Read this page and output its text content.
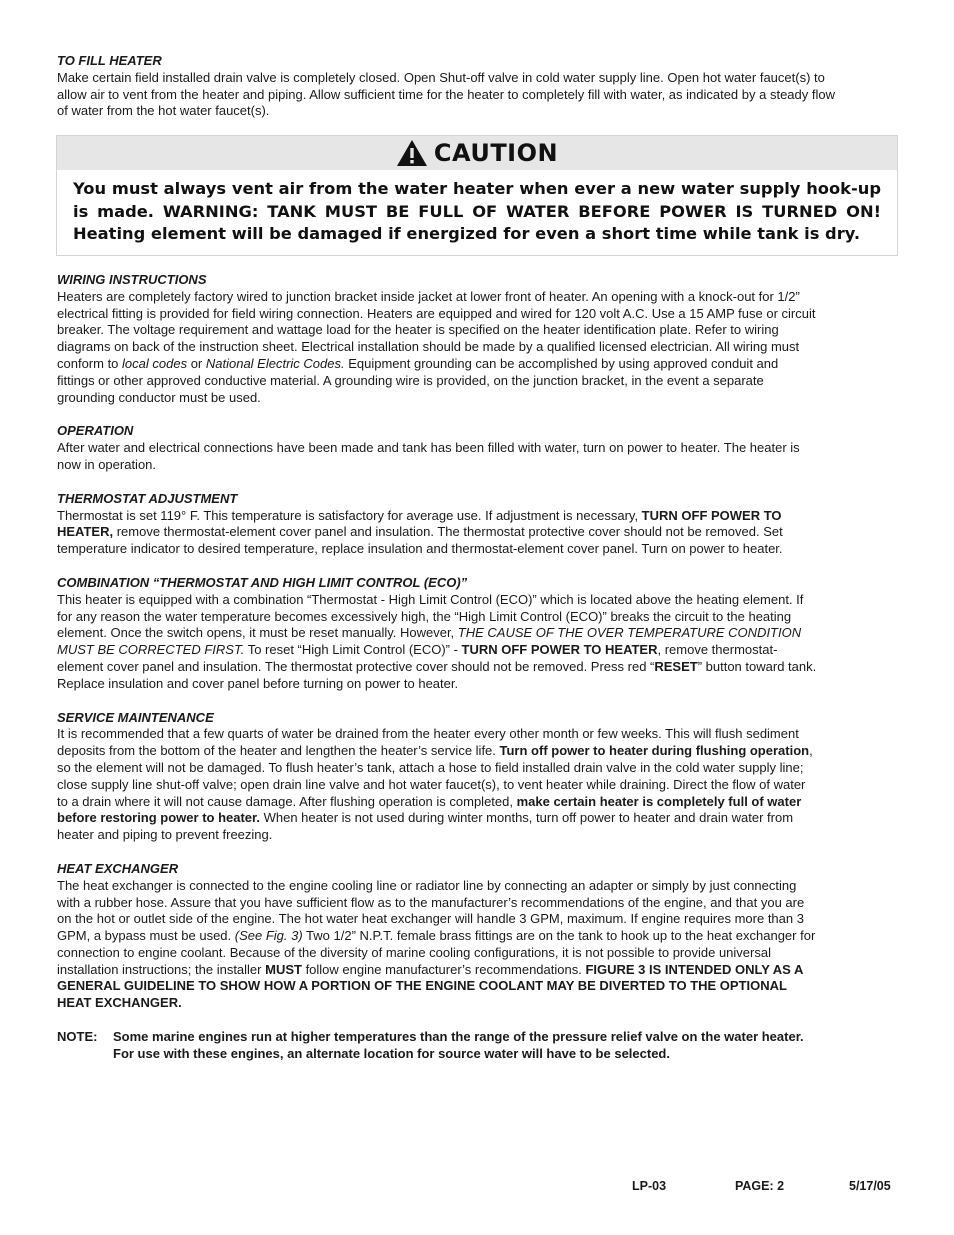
TO FILL HEATER

Make certain field installed drain valve is completely closed. Open Shut-off valve in cold water supply line. Open hot water faucet(s) to allow air to vent from the heater and piping. Allow sufficient time for the heater to completely fill with water, as indicated by a steady flow of water from the hot water faucet(s).

CAUTION
You must always vent air from the water heater when ever a new water supply hook-up is made. WARNING: TANK MUST BE FULL OF WATER BEFORE POWER IS TURNED ON! Heating element will be damaged if energized for even a short time while tank is dry.
WIRING INSTRUCTIONS

Heaters are completely factory wired to junction bracket inside jacket at lower front of heater. An opening with a knock-out for 1/2” electrical fitting is provided for field wiring connection. Heaters are equipped and wired for 120 volt A.C. Use a 15 AMP fuse or circuit breaker. The voltage requirement and wattage load for the heater is specified on the heater identification plate. Refer to wiring diagrams on back of the instruction sheet. Electrical installation should be made by a qualified licensed electrician. All wiring must conform to local codes or National Electric Codes. Equipment grounding can be accomplished by using approved conduit and fittings or other approved conductive material. A grounding wire is provided, on the junction bracket, in the event a separate grounding conductor must be used.

OPERATION

After water and electrical connections have been made and tank has been filled with water, turn on power to heater. The heater is now in operation.

THERMOSTAT ADJUSTMENT

Thermostat is set 119° F. This temperature is satisfactory for average use. If adjustment is necessary, TURN OFF POWER TO HEATER, remove thermostat-element cover panel and insulation. The thermostat protective cover should not be removed. Set temperature indicator to desired temperature, replace insulation and thermostat-element cover panel. Turn on power to heater.

COMBINATION “THERMOSTAT AND HIGH LIMIT CONTROL (ECO)”

This heater is equipped with a combination “Thermostat - High Limit Control (ECO)” which is located above the heating element. If for any reason the water temperature becomes excessively high, the “High Limit Control (ECO)” breaks the circuit to the heating element. Once the switch opens, it must be reset manually. However, THE CAUSE OF THE OVER TEMPERATURE CONDITION MUST BE CORRECTED FIRST. To reset “High Limit Control (ECO)” - TURN OFF POWER TO HEATER, remove thermostat-element cover panel and insulation. The thermostat protective cover should not be removed. Press red “RESET” button toward tank. Replace insulation and cover panel before turning on power to heater.

SERVICE MAINTENANCE

It is recommended that a few quarts of water be drained from the heater every other month or few weeks. This will flush sediment deposits from the bottom of the heater and lengthen the heater’s service life. Turn off power to heater during flushing operation, so the element will not be damaged. To flush heater’s tank, attach a hose to field installed drain valve in the cold water supply line; close supply line shut-off valve; open drain line valve and hot water faucet(s), to vent heater while draining. Direct the flow of water to a drain where it will not cause damage. After flushing operation is completed, make certain heater is completely full of water before restoring power to heater. When heater is not used during winter months, turn off power to heater and drain water from heater and piping to prevent freezing.

HEAT EXCHANGER

The heat exchanger is connected to the engine cooling line or radiator line by connecting an adapter or simply by just connecting with a rubber hose. Assure that you have sufficient flow as to the manufacturer’s recommendations of the engine, and that you are on the hot or outlet side of the engine. The hot water heat exchanger will handle 3 GPM, maximum. If engine requires more than 3 GPM, a bypass must be used. (See Fig. 3) Two 1/2” N.P.T. female brass fittings are on the tank to hook up to the heat exchanger for connection to engine coolant. Because of the diversity of marine cooling configurations, it is not possible to provide universal installation instructions; the installer MUST follow engine manufacturer’s recommendations. FIGURE 3 IS INTENDED ONLY AS A GENERAL GUIDELINE TO SHOW HOW A PORTION OF THE ENGINE COOLANT MAY BE DIVERTED TO THE OPTIONAL HEAT EXCHANGER.

NOTE:	Some marine engines run at higher temperatures than the range of the pressure relief valve on the water heater. For use with these engines, an alternate location for source water will have to be selected.
LP-03	PAGE: 2	5/17/05
